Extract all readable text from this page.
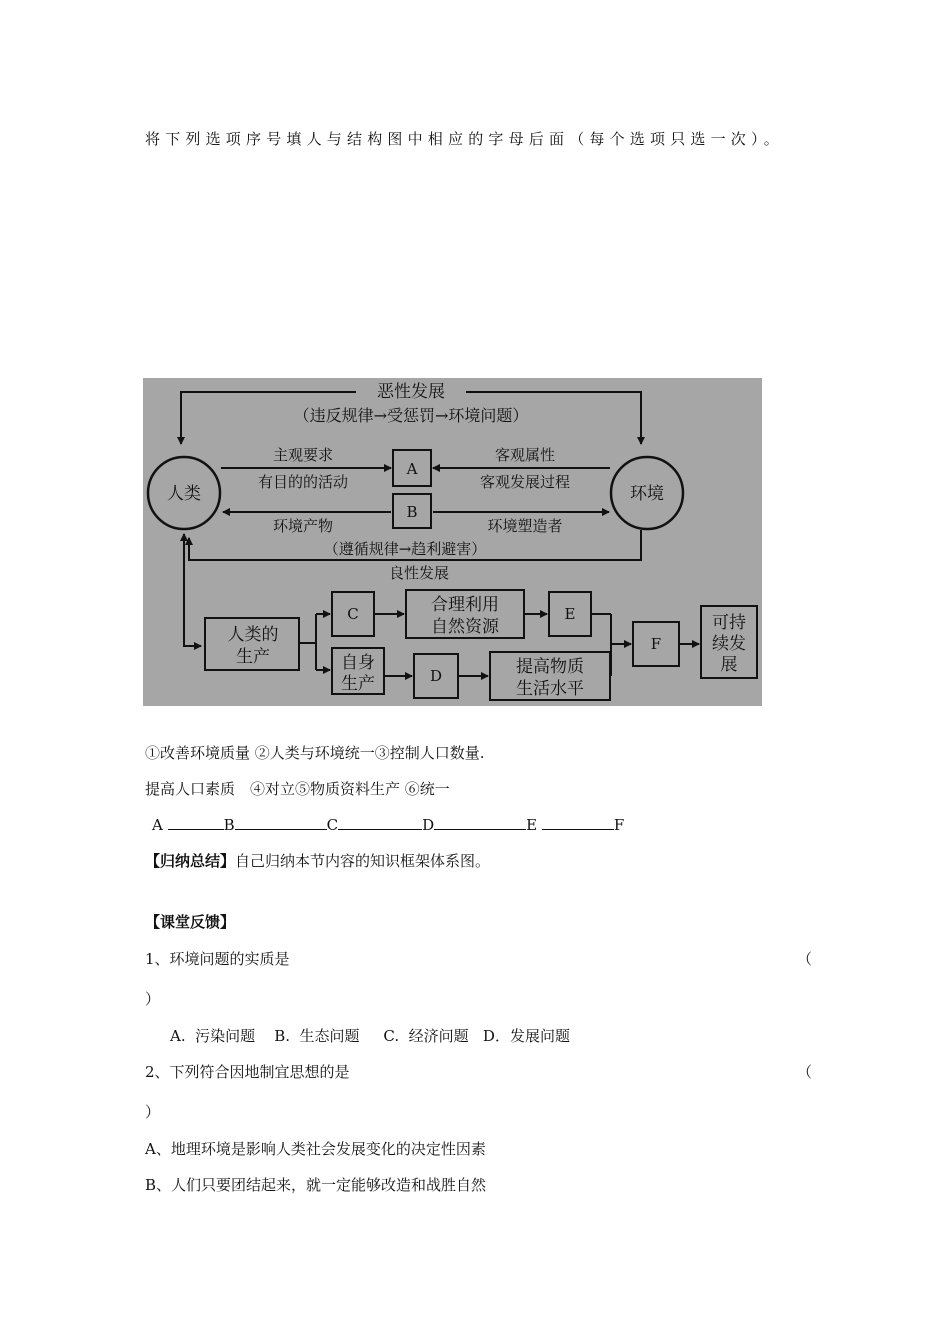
将下列选项序号填人与结构图中相应的字母后面（每个选项只选一次）。
恶性发展
（违反规律→受惩罚→环境问题）
人类	环境
A
B
主观要求
有目的的活动
客观属性
客观发展过程
环境产物	环境塑造者
（遵循规律→趋利避害）
良性发展
人类的
生产
C	合理利用
自然资源
E
自身
生产	D	提高物质
生活水平
F
可持
续发
展
①改善环境质量 ②人类与环境统一③控制人口数量.
提高人口素质　④对立⑤物质资料生产 ⑥统一
A	B	C	D	E	F
【归纳总结】自己归纳本节内容的知识框架体系图。
【课堂反馈】
1、环境问题的实质是	（
）
A.  污染问题    B.  生态问题     C.  经济问题   D．发展问题
2、下列符合因地制宜思想的是	（
）
A、地理环境是影响人类社会发展变化的决定性因素
B、人们只要团结起来，就一定能够改造和战胜自然
